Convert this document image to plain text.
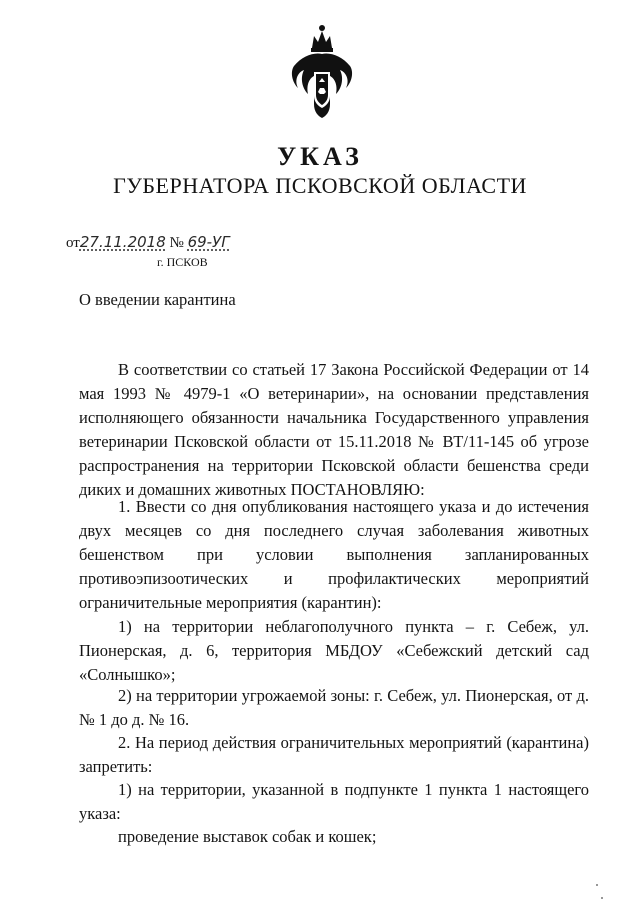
УКАЗ
ГУБЕРНАТОРА ПСКОВСКОЙ ОБЛАСТИ
от27.11.2018 № 69-УГ
г. ПСКОВ
О введении карантина

В соответствии со статьей 17 Закона Российской Федерации от 14 мая 1993 № 4979-1 «О ветеринарии», на основании представления исполняющего обязанности начальника Государственного управления ветеринарии Псковской области от 15.11.2018 № ВТ/11-145 об угрозе распространения на территории Псковской области бешенства среди диких и домашних животных ПОСТАНОВЛЯЮ:

1. Ввести со дня опубликования настоящего указа и до истечения двух месяцев со дня последнего случая заболевания животных бешенством при условии выполнения запланированных противоэпизоотических и профилактических мероприятий ограничительные мероприятия (карантин):

1) на территории неблагополучного пункта – г. Себеж, ул. Пионерская, д. 6, территория МБДОУ «Себежский детский сад «Солнышко»;

2) на территории угрожаемой зоны: г. Себеж, ул. Пионерская, от д. № 1 до д. № 16.

2. На период действия ограничительных мероприятий (карантина) запретить:

1) на территории, указанной в подпункте 1 пункта 1 настоящего указа:

проведение выставок собак и кошек;
